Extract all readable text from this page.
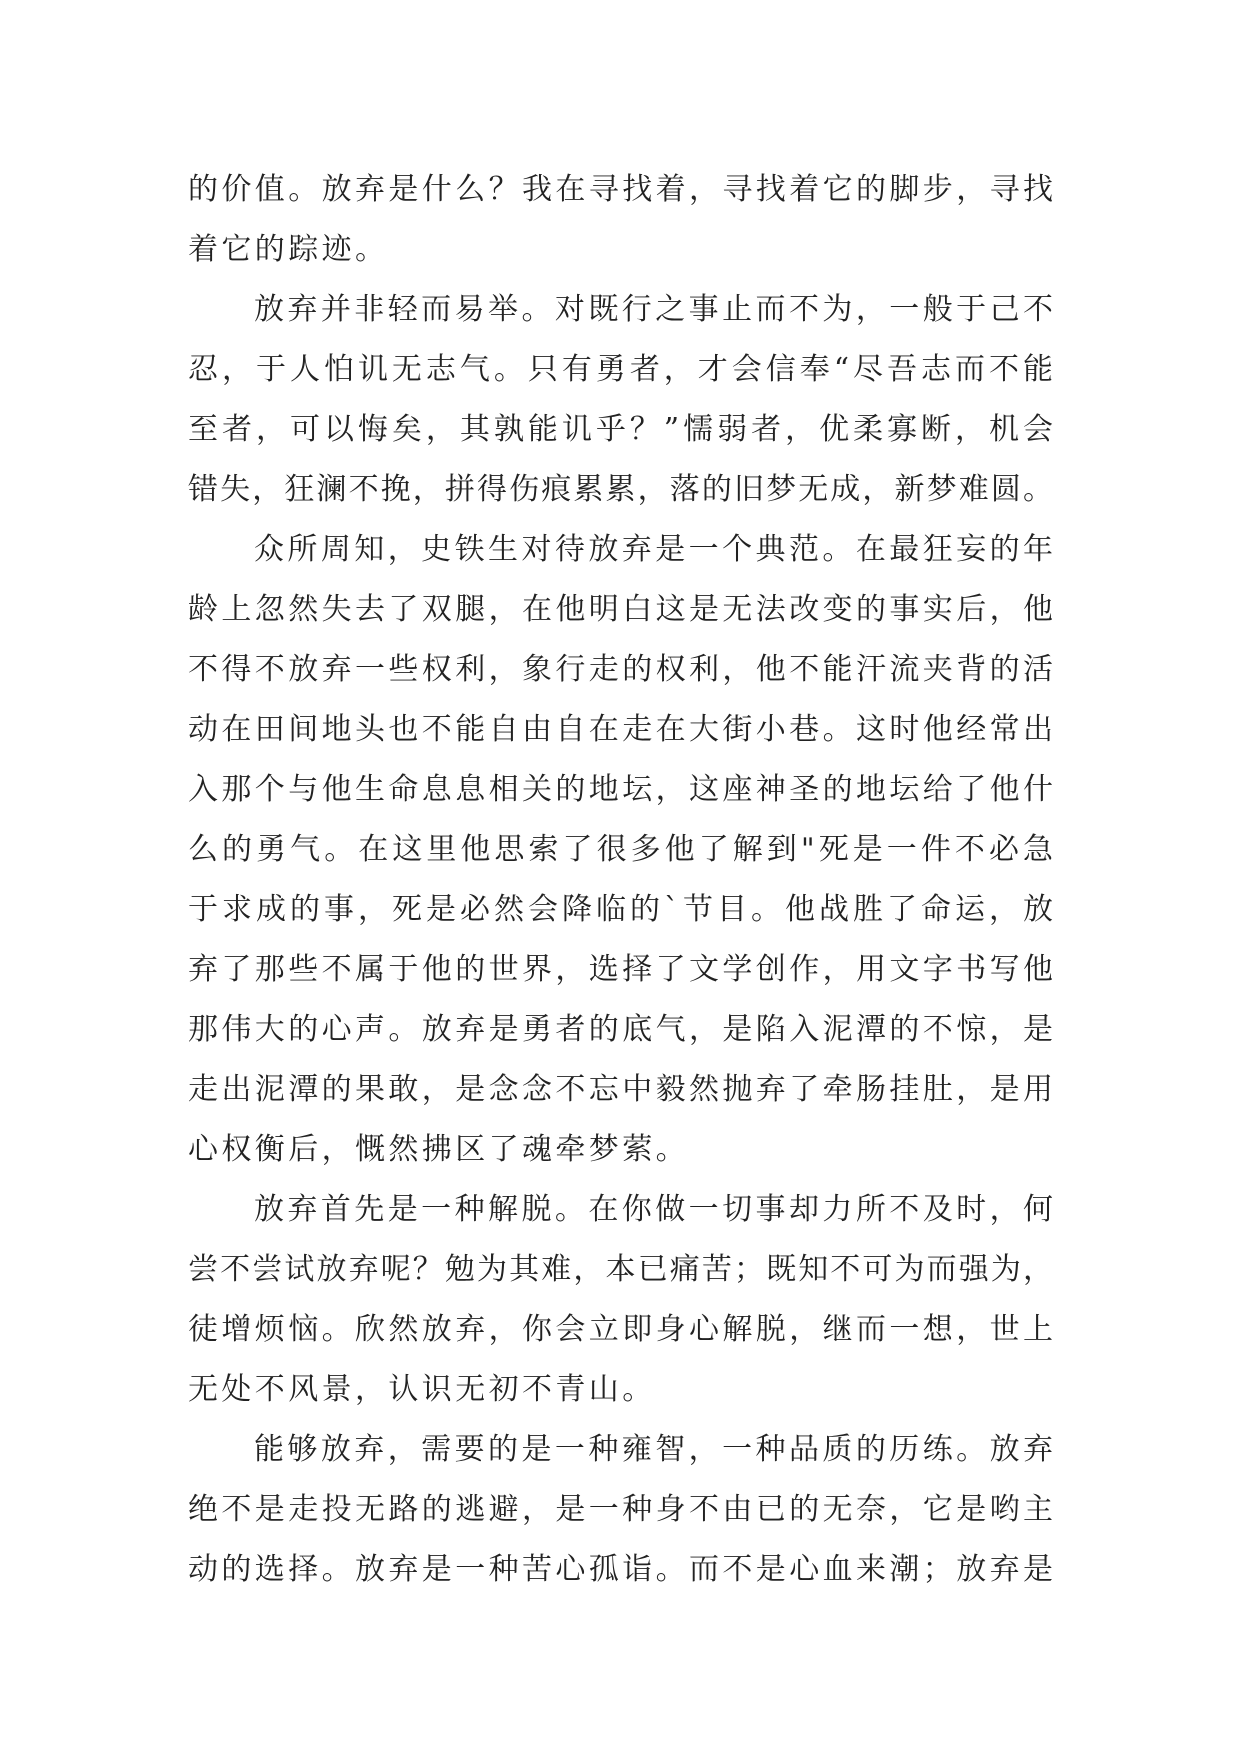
的价值。放弃是什么？我在寻找着，寻找着它的脚步，寻找
着它的踪迹。
放弃并非轻而易举。对既行之事止而不为，一般于己不
忍，于人怕讥无志气。只有勇者，才会信奉“尽吾志而不能
至者，可以悔矣，其孰能讥乎？”懦弱者，优柔寡断，机会
错失，狂澜不挽，拼得伤痕累累，落的旧梦无成，新梦难圆。
众所周知，史铁生对待放弃是一个典范。在最狂妄的年
龄上忽然失去了双腿，在他明白这是无法改变的事实后，他
不得不放弃一些权利，象行走的权利，他不能汗流夹背的活
动在田间地头也不能自由自在走在大街小巷。这时他经常出
入那个与他生命息息相关的地坛，这座神圣的地坛给了他什
么的勇气。在这里他思索了很多他了解到"死是一件不必急
于求成的事，死是必然会降临的`节目。他战胜了命运，放
弃了那些不属于他的世界，选择了文学创作，用文字书写他
那伟大的心声。放弃是勇者的底气，是陷入泥潭的不惊，是
走出泥潭的果敢，是念念不忘中毅然抛弃了牵肠挂肚，是用
心权衡后，慨然拂区了魂牵梦萦。
放弃首先是一种解脱。在你做一切事却力所不及时，何
尝不尝试放弃呢？勉为其难，本已痛苦；既知不可为而强为，
徒增烦恼。欣然放弃，你会立即身心解脱，继而一想，世上
无处不风景，认识无初不青山。
能够放弃，需要的是一种雍智，一种品质的历练。放弃
绝不是走投无路的逃避，是一种身不由已的无奈，它是哟主
动的选择。放弃是一种苦心孤诣。而不是心血来潮；放弃是
